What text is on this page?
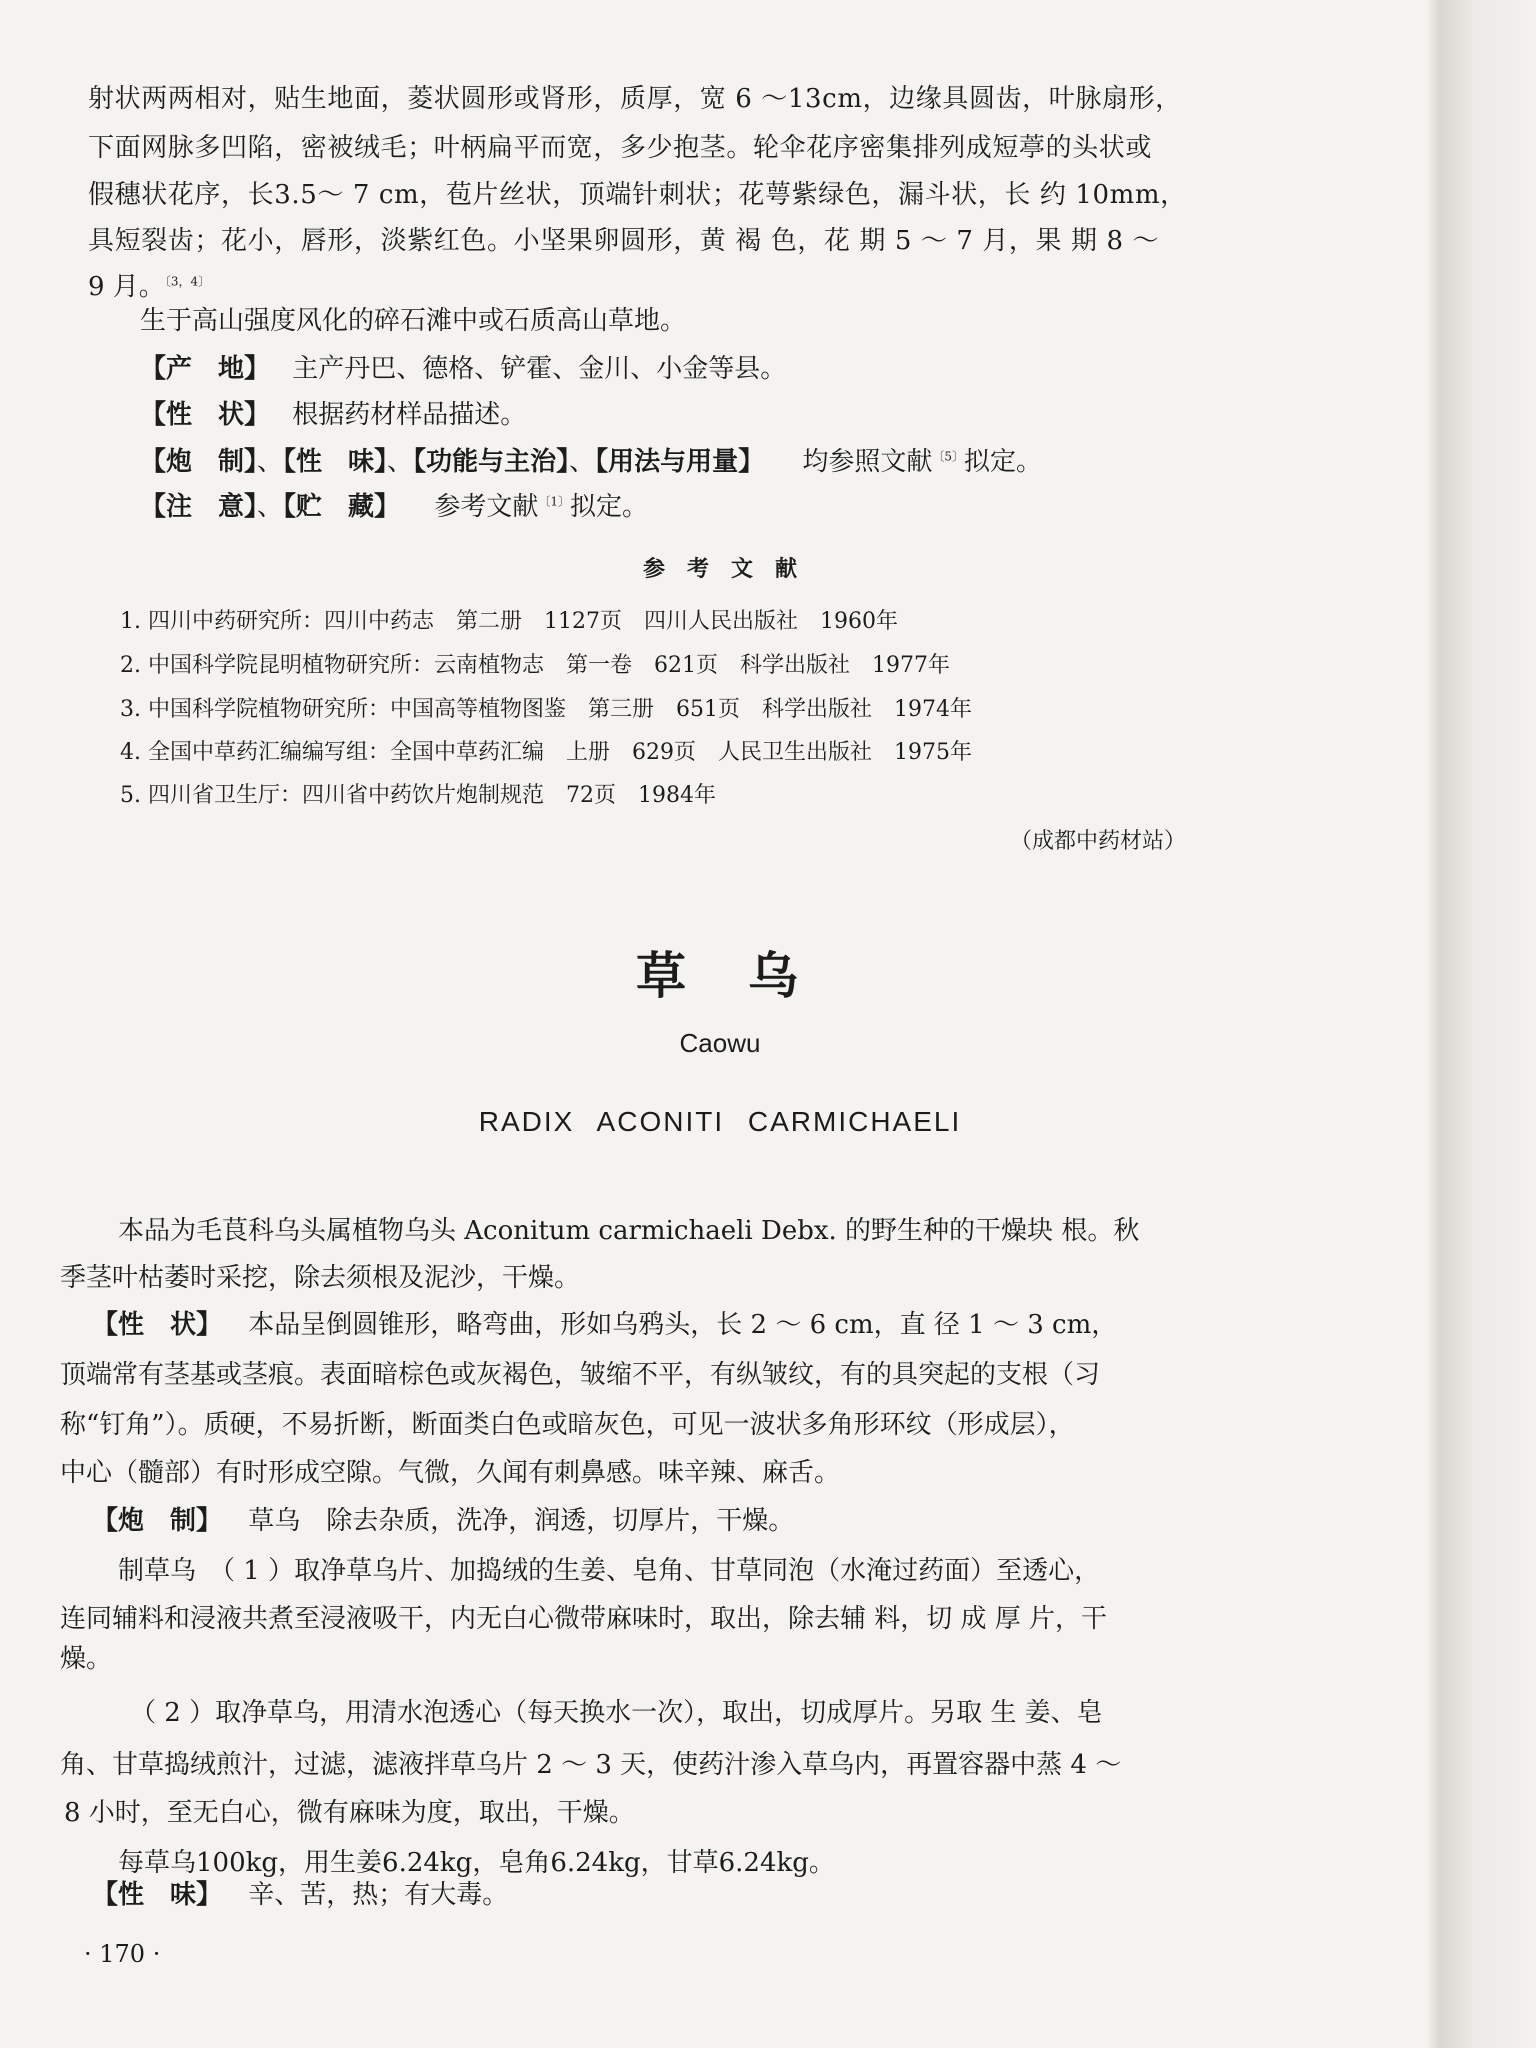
射状两两相对，贴生地面，菱状圆形或肾形，质厚，宽 6 ～13cm，边缘具圆齿，叶脉扇形，
下面网脉多凹陷，密被绒毛；叶柄扁平而宽，多少抱茎。轮伞花序密集排列成短葶的头状或
假穗状花序，长3.5～ 7 cm，苞片丝状，顶端针刺状；花萼紫绿色，漏斗状，长 约 10mm，
具短裂齿；花小，唇形，淡紫红色。小坚果卵圆形，黄 褐 色，花 期 5 ～ 7 月，果 期 8 ～
9 月。$^{〔3,4〕}$
生于高山强度风化的碎石滩中或石质高山草地。
【产　地】 主产丹巴、德格、铲霍、金川、小金等县。
【性　状】 根据药材样品描述。
【炮　制】、【性　味】、【功能与主治】、【用法与用量】 均参照文献$^{〔5〕}$拟定。
【注　意】、【贮　藏】 参考文献$^{〔1〕}$拟定。
参　考　文　献
1. 四川中药研究所：四川中药志　第二册　1127页　四川人民出版社　1960年
2. 中国科学院昆明植物研究所：云南植物志　第一卷　621页　科学出版社　1977年
3. 中国科学院植物研究所：中国高等植物图鉴　第三册　651页　科学出版社　1974年
4. 全国中草药汇编编写组：全国中草药汇编　上册　629页　人民卫生出版社　1975年
5. 四川省卫生厅：四川省中药饮片炮制规范　72页　1984年
（成都中药材站）
草　乌
Caowu
RADIX ACONITI CARMICHAELI
本品为毛茛科乌头属植物乌头 Aconitum carmichaeli Debx. 的野生种的干燥块 根。秋
季茎叶枯萎时采挖，除去须根及泥沙，干燥。
【性　状】 本品呈倒圆锥形，略弯曲，形如乌鸦头，长 2 ～ 6 cm，直 径 1 ～ 3 cm，
顶端常有茎基或茎痕。表面暗棕色或灰褐色，皱缩不平，有纵皱纹，有的具突起的支根（习
称“钉角”）。质硬，不易折断，断面类白色或暗灰色，可见一波状多角形环纹（形成层），
中心（髓部）有时形成空隙。气微，久闻有刺鼻感。味辛辣、麻舌。
【炮　制】 草乌　除去杂质，洗净，润透，切厚片，干燥。
制草乌　（ 1 ）取净草乌片、加捣绒的生姜、皂角、甘草同泡（水淹过药面）至透心，
连同辅料和浸液共煮至浸液吸干，内无白心微带麻味时，取出，除去辅 料，切 成 厚 片，干
燥。
（ 2 ）取净草乌，用清水泡透心（每天换水一次），取出，切成厚片。另取 生 姜、皂
角、甘草捣绒煎汁，过滤，滤液拌草乌片 2 ～ 3 天，使药汁渗入草乌内，再置容器中蒸 4 ～
8 小时，至无白心，微有麻味为度，取出，干燥。
每草乌100kg，用生姜6.24kg，皂角6.24kg，甘草6.24kg。
【性　味】 辛、苦，热；有大毒。
· 170 ·
